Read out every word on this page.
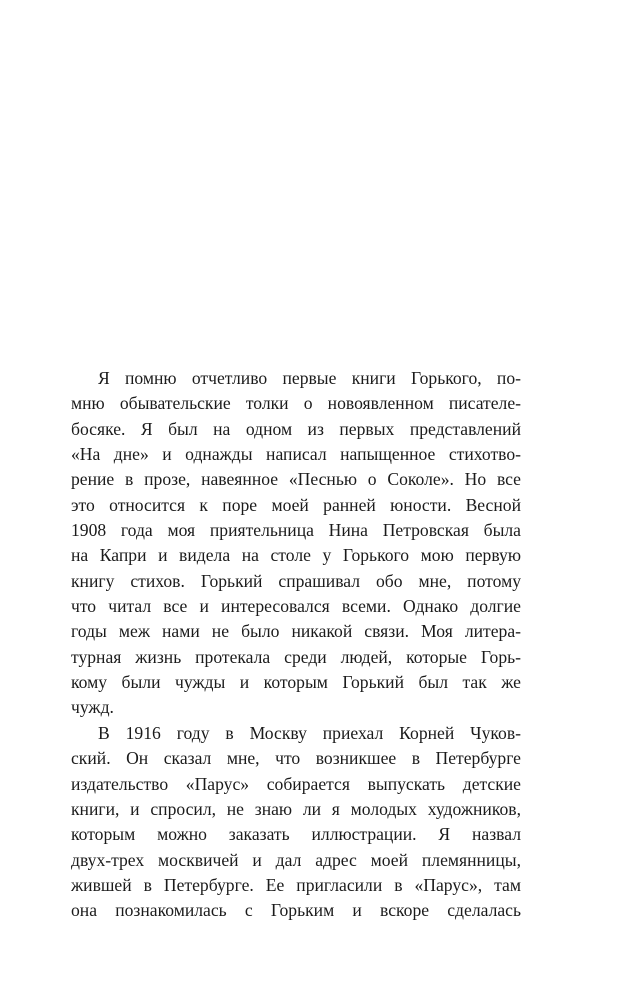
Я помню отчетливо первые книги Горького, по-
мню обывательские толки о новоявленном писателе-
босяке. Я был на одном из первых представлений
«На дне» и однажды написал напыщенное стихотво-
рение в прозе, навеянное «Песнью о Соколе». Но все
это относится к поре моей ранней юности. Весной
1908 года моя приятельница Нина Петровская была
на Капри и видела на столе у Горького мою первую
книгу стихов. Горький спрашивал обо мне, потому
что читал все и интересовался всеми. Однако долгие
годы меж нами не было никакой связи. Моя литера-
турная жизнь протекала среди людей, которые Горь-
кому были чужды и которым Горький был так же
чужд.
В 1916 году в Москву приехал Корней Чуков-
ский. Он сказал мне, что возникшее в Петербурге
издательство «Парус» собирается выпускать детские
книги, и спросил, не знаю ли я молодых художников,
которым можно заказать иллюстрации. Я назвал
двух-трех москвичей и дал адрес моей племянницы,
жившей в Петербурге. Ее пригласили в «Парус», там
она познакомилась с Горьким и вскоре сделалась
